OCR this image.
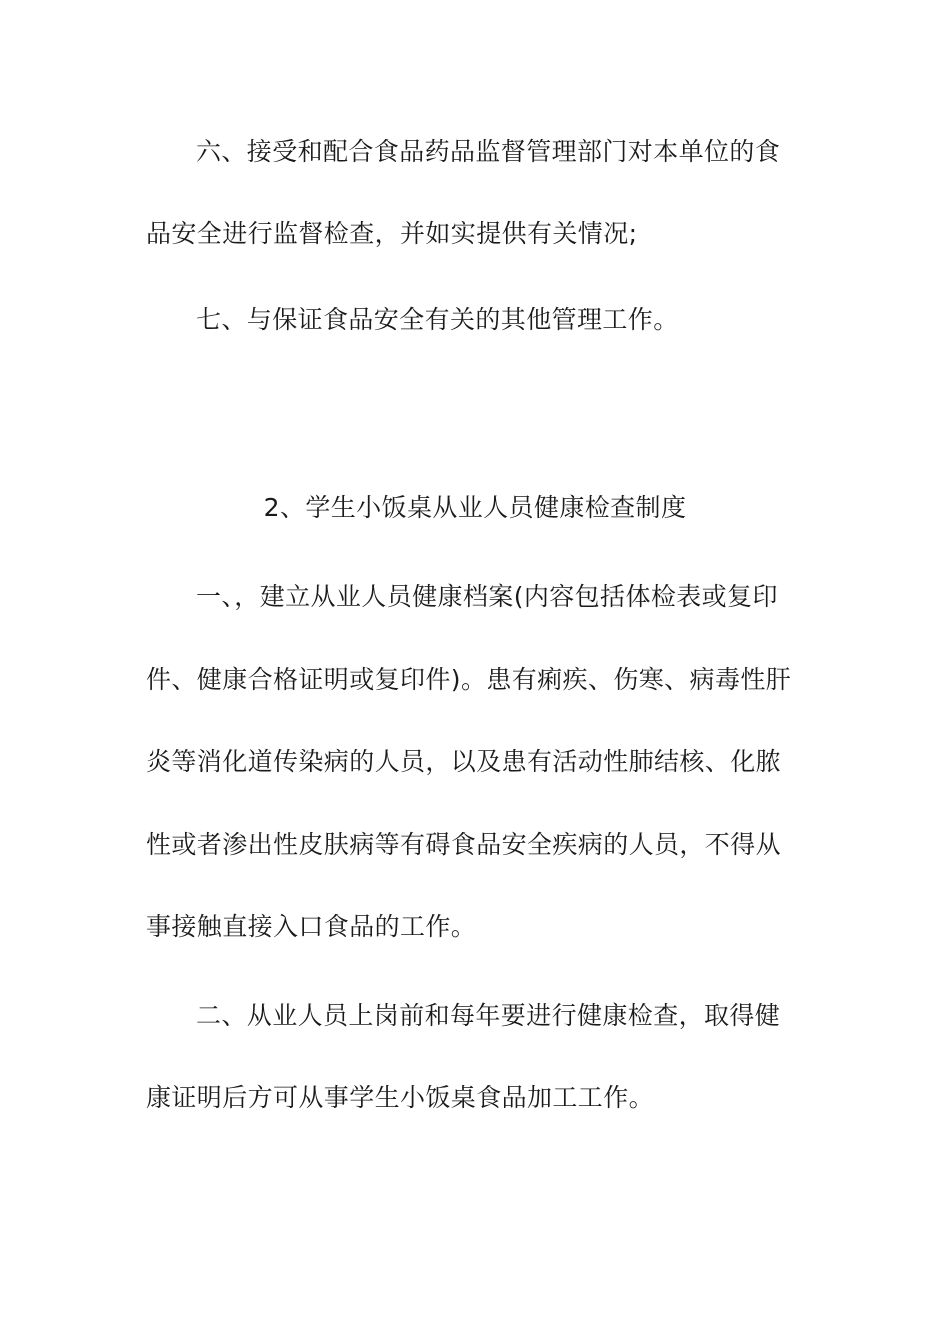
六、接受和配合食品药品监督管理部门对本单位的食
品安全进行监督检查，并如实提供有关情况;
七、与保证食品安全有关的其他管理工作。
2、学生小饭桌从业人员健康检查制度
一、，建立从业人员健康档案(内容包括体检表或复印
件、健康合格证明或复印件)。患有痢疾、伤寒、病毒性肝
炎等消化道传染病的人员，以及患有活动性肺结核、化脓
性或者渗出性皮肤病等有碍食品安全疾病的人员，不得从
事接触直接入口食品的工作。
二、从业人员上岗前和每年要进行健康检查，取得健
康证明后方可从事学生小饭桌食品加工工作。
